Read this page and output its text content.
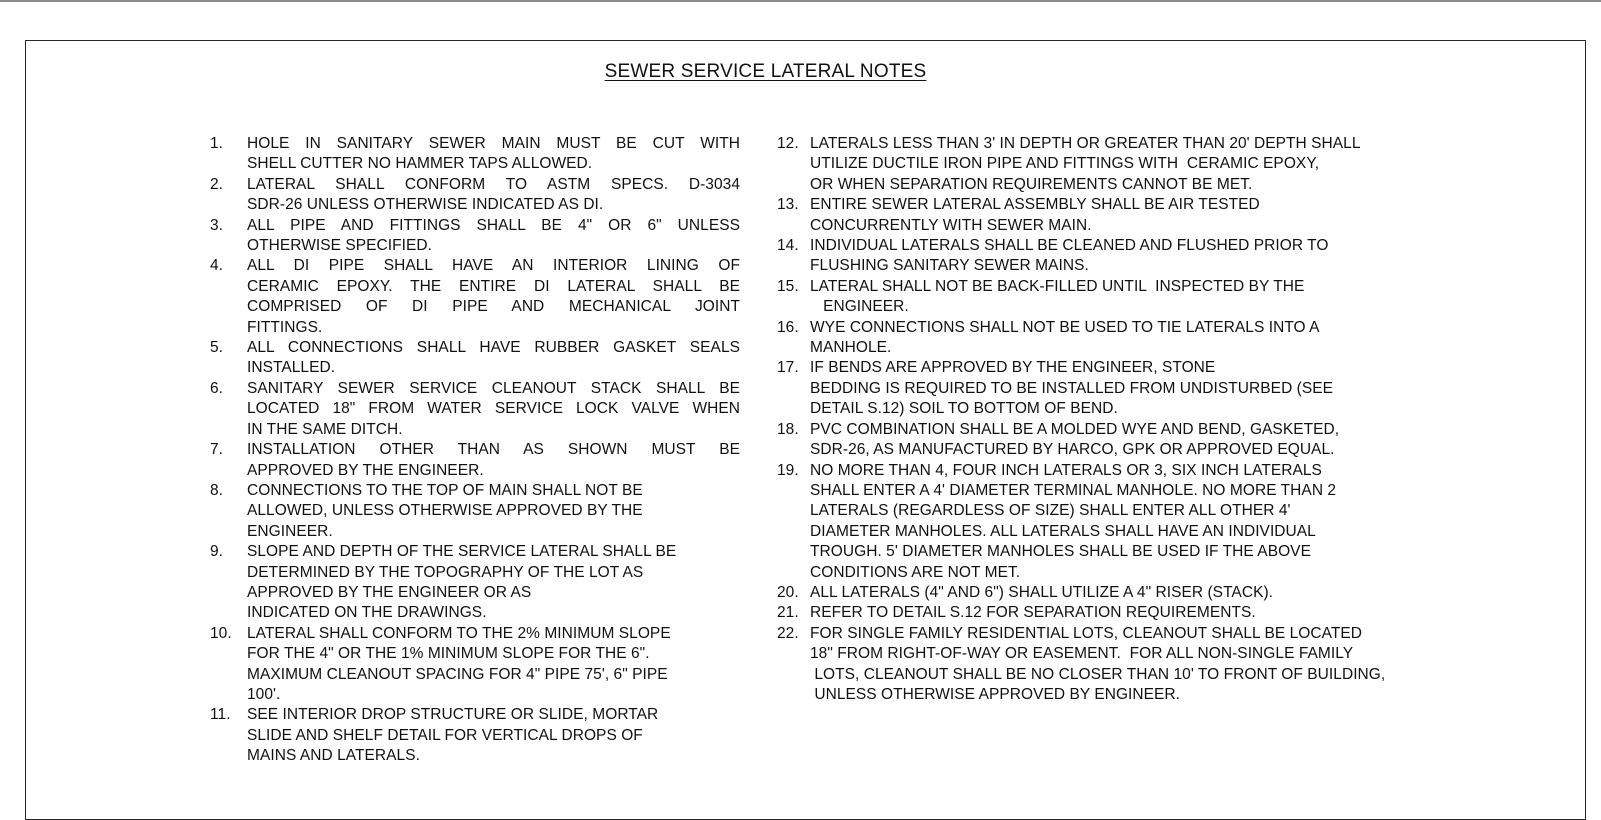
SEWER SERVICE LATERAL NOTES
1.	HOLE IN SANITARY SEWER MAIN MUST BE CUT WITH
SHELL CUTTER NO HAMMER TAPS ALLOWED.
2.	LATERAL SHALL CONFORM TO ASTM SPECS. D-3034
SDR-26 UNLESS OTHERWISE INDICATED AS DI.
3.	ALL PIPE AND FITTINGS SHALL BE 4" OR 6" UNLESS
OTHERWISE SPECIFIED.
4.	ALL DI PIPE SHALL HAVE AN INTERIOR LINING OF
CERAMIC EPOXY. THE ENTIRE DI LATERAL SHALL BE
COMPRISED OF DI PIPE AND MECHANICAL JOINT
FITTINGS.
5.	ALL CONNECTIONS SHALL HAVE RUBBER GASKET SEALS
INSTALLED.
6.	SANITARY SEWER SERVICE CLEANOUT STACK SHALL BE
LOCATED 18" FROM WATER SERVICE LOCK VALVE WHEN
IN THE SAME DITCH.
7.	INSTALLATION OTHER THAN AS SHOWN MUST BE
APPROVED BY THE ENGINEER.
8.	CONNECTIONS TO THE TOP OF MAIN SHALL NOT BE
ALLOWED, UNLESS OTHERWISE APPROVED BY THE
ENGINEER.
9.	SLOPE AND DEPTH OF THE SERVICE LATERAL SHALL BE
DETERMINED BY THE TOPOGRAPHY OF THE LOT AS
APPROVED BY THE ENGINEER OR AS
INDICATED ON THE DRAWINGS.
10. LATERAL SHALL CONFORM TO THE 2% MINIMUM SLOPE
FOR THE 4" OR THE 1% MINIMUM SLOPE FOR THE 6".
MAXIMUM CLEANOUT SPACING FOR 4" PIPE 75', 6" PIPE
100'.
11.	SEE INTERIOR DROP STRUCTURE OR SLIDE, MORTAR
SLIDE AND SHELF DETAIL FOR VERTICAL DROPS OF
MAINS AND LATERALS.
12. LATERALS LESS THAN 3' IN DEPTH OR GREATER THAN 20' DEPTH SHALL
UTILIZE DUCTILE IRON PIPE AND FITTINGS WITH  CERAMIC EPOXY,
OR WHEN SEPARATION REQUIREMENTS CANNOT BE MET.
13. ENTIRE SEWER LATERAL ASSEMBLY SHALL BE AIR TESTED
CONCURRENTLY WITH SEWER MAIN.
14. INDIVIDUAL LATERALS SHALL BE CLEANED AND FLUSHED PRIOR TO
FLUSHING SANITARY SEWER MAINS.
15. LATERAL SHALL NOT BE BACK-FILLED UNTIL  INSPECTED BY THE
ENGINEER.
16. WYE CONNECTIONS SHALL NOT BE USED TO TIE LATERALS INTO A
MANHOLE.
17. IF BENDS ARE APPROVED BY THE ENGINEER, STONE
BEDDING IS REQUIRED TO BE INSTALLED FROM UNDISTURBED (SEE
DETAIL S.12) SOIL TO BOTTOM OF BEND.
18. PVC COMBINATION SHALL BE A MOLDED WYE AND BEND, GASKETED,
SDR-26, AS MANUFACTURED BY HARCO, GPK OR APPROVED EQUAL.
19. NO MORE THAN 4, FOUR INCH LATERALS OR 3, SIX INCH LATERALS
SHALL ENTER A 4' DIAMETER TERMINAL MANHOLE. NO MORE THAN 2
LATERALS (REGARDLESS OF SIZE) SHALL ENTER ALL OTHER 4'
DIAMETER MANHOLES. ALL LATERALS SHALL HAVE AN INDIVIDUAL
TROUGH. 5' DIAMETER MANHOLES SHALL BE USED IF THE ABOVE
CONDITIONS ARE NOT MET.
20. ALL LATERALS (4" AND 6") SHALL UTILIZE A 4" RISER (STACK).
21. REFER TO DETAIL S.12 FOR SEPARATION REQUIREMENTS.
22. FOR SINGLE FAMILY RESIDENTIAL LOTS, CLEANOUT SHALL BE LOCATED
18" FROM RIGHT-OF-WAY OR EASEMENT.  FOR ALL NON-SINGLE FAMILY
LOTS, CLEANOUT SHALL BE NO CLOSER THAN 10' TO FRONT OF BUILDING,
UNLESS OTHERWISE APPROVED BY ENGINEER.
